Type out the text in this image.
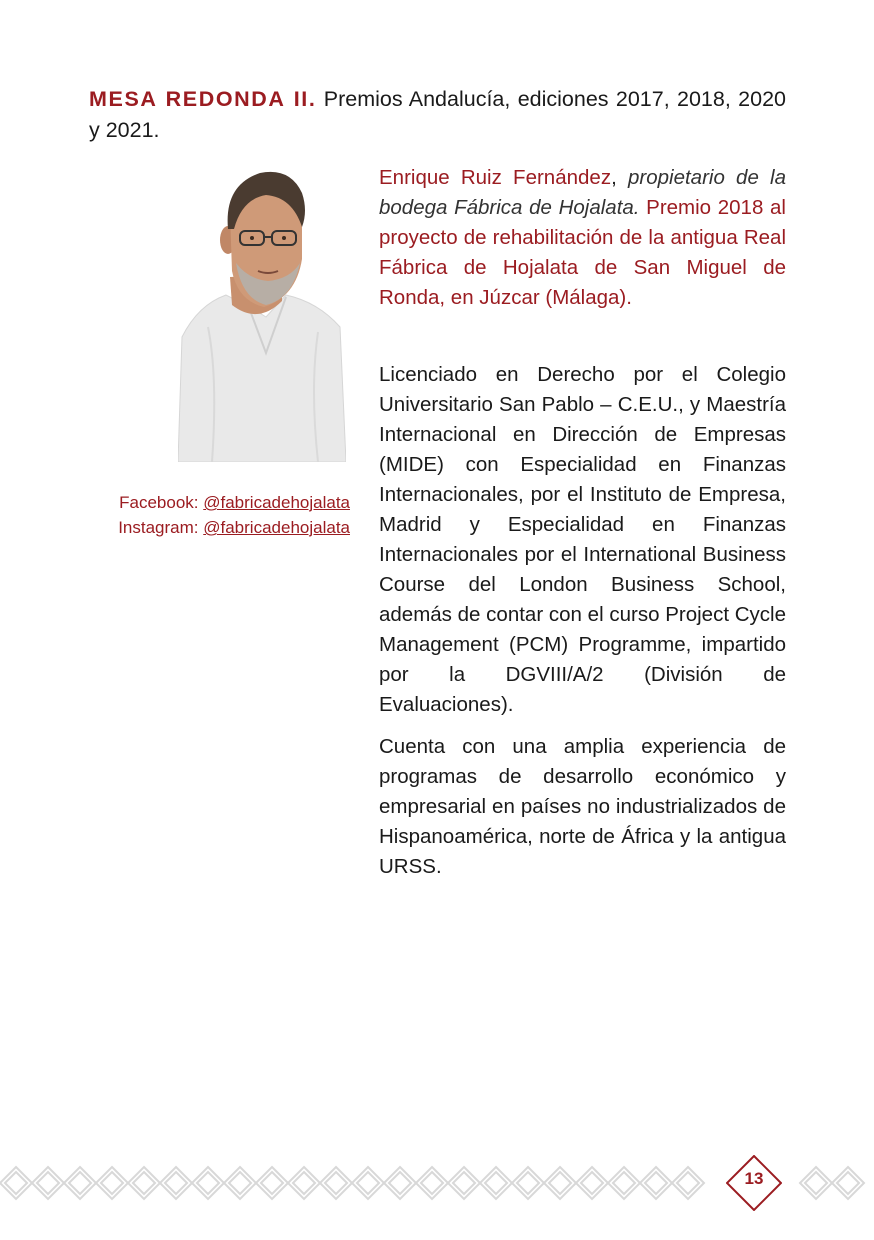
MESA REDONDA II. Premios Andalucía, ediciones 2017, 2018, 2020 y 2021.
Facebook: @fabricadehojalata
Instagram: @fabricadehojalata
Enrique Ruiz Fernández, propietario de la bodega Fábrica de Hojalata. Premio 2018 al proyecto de rehabilitación de la antigua Real Fábrica de Hojalata de San Miguel de Ronda, en Júzcar (Málaga).

Licenciado en Derecho por el Colegio Universitario San Pablo – C.E.U., y Maestría Internacional en Dirección de Empresas (MIDE) con Especialidad en Finanzas Internacionales, por el Instituto de Empresa, Madrid y Especialidad en Finanzas Internacionales por el International Business Course del London Business School, además de contar con el curso Project Cycle Management (PCM) Programme, impartido por la DGVIII/A/2 (División de Evaluaciones).

Cuenta con una amplia experiencia de programas de desarrollo económico y empresarial en países no industrializados de Hispanoamérica, norte de África y la antigua URSS.

13
